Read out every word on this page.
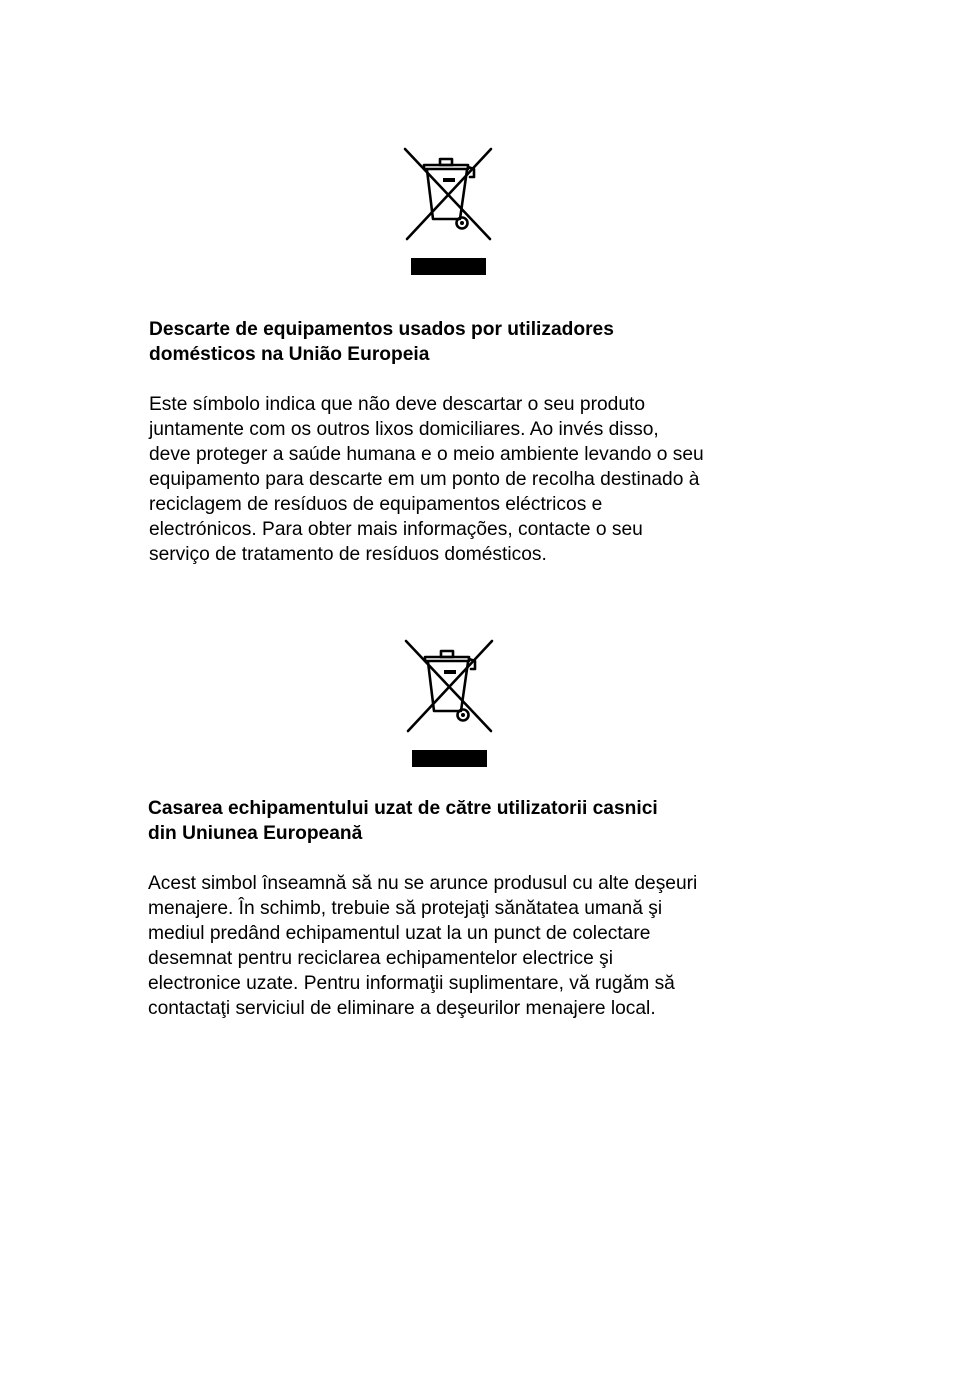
Descarte de equipamentos usados por utilizadores
domésticos na União Europeia

Este símbolo indica que não deve descartar o seu produto
juntamente com os outros lixos domiciliares. Ao invés disso,
deve proteger a saúde humana e o meio ambiente levando o seu
equipamento para descarte em um ponto de recolha destinado à
reciclagem de resíduos de equipamentos eléctricos e
electrónicos. Para obter mais informações, contacte o seu
serviço de tratamento de resíduos domésticos.

Casarea echipamentului uzat de către utilizatorii casnici
din Uniunea Europeană

Acest simbol înseamnă să nu se arunce produsul cu alte deşeuri
menajere. În schimb, trebuie să protejaţi sănătatea umană şi
mediul predând echipamentul uzat la un punct de colectare
desemnat pentru reciclarea echipamentelor electrice şi
electronice uzate. Pentru informaţii suplimentare, vă rugăm să
contactaţi serviciul de eliminare a deşeurilor menajere local.
